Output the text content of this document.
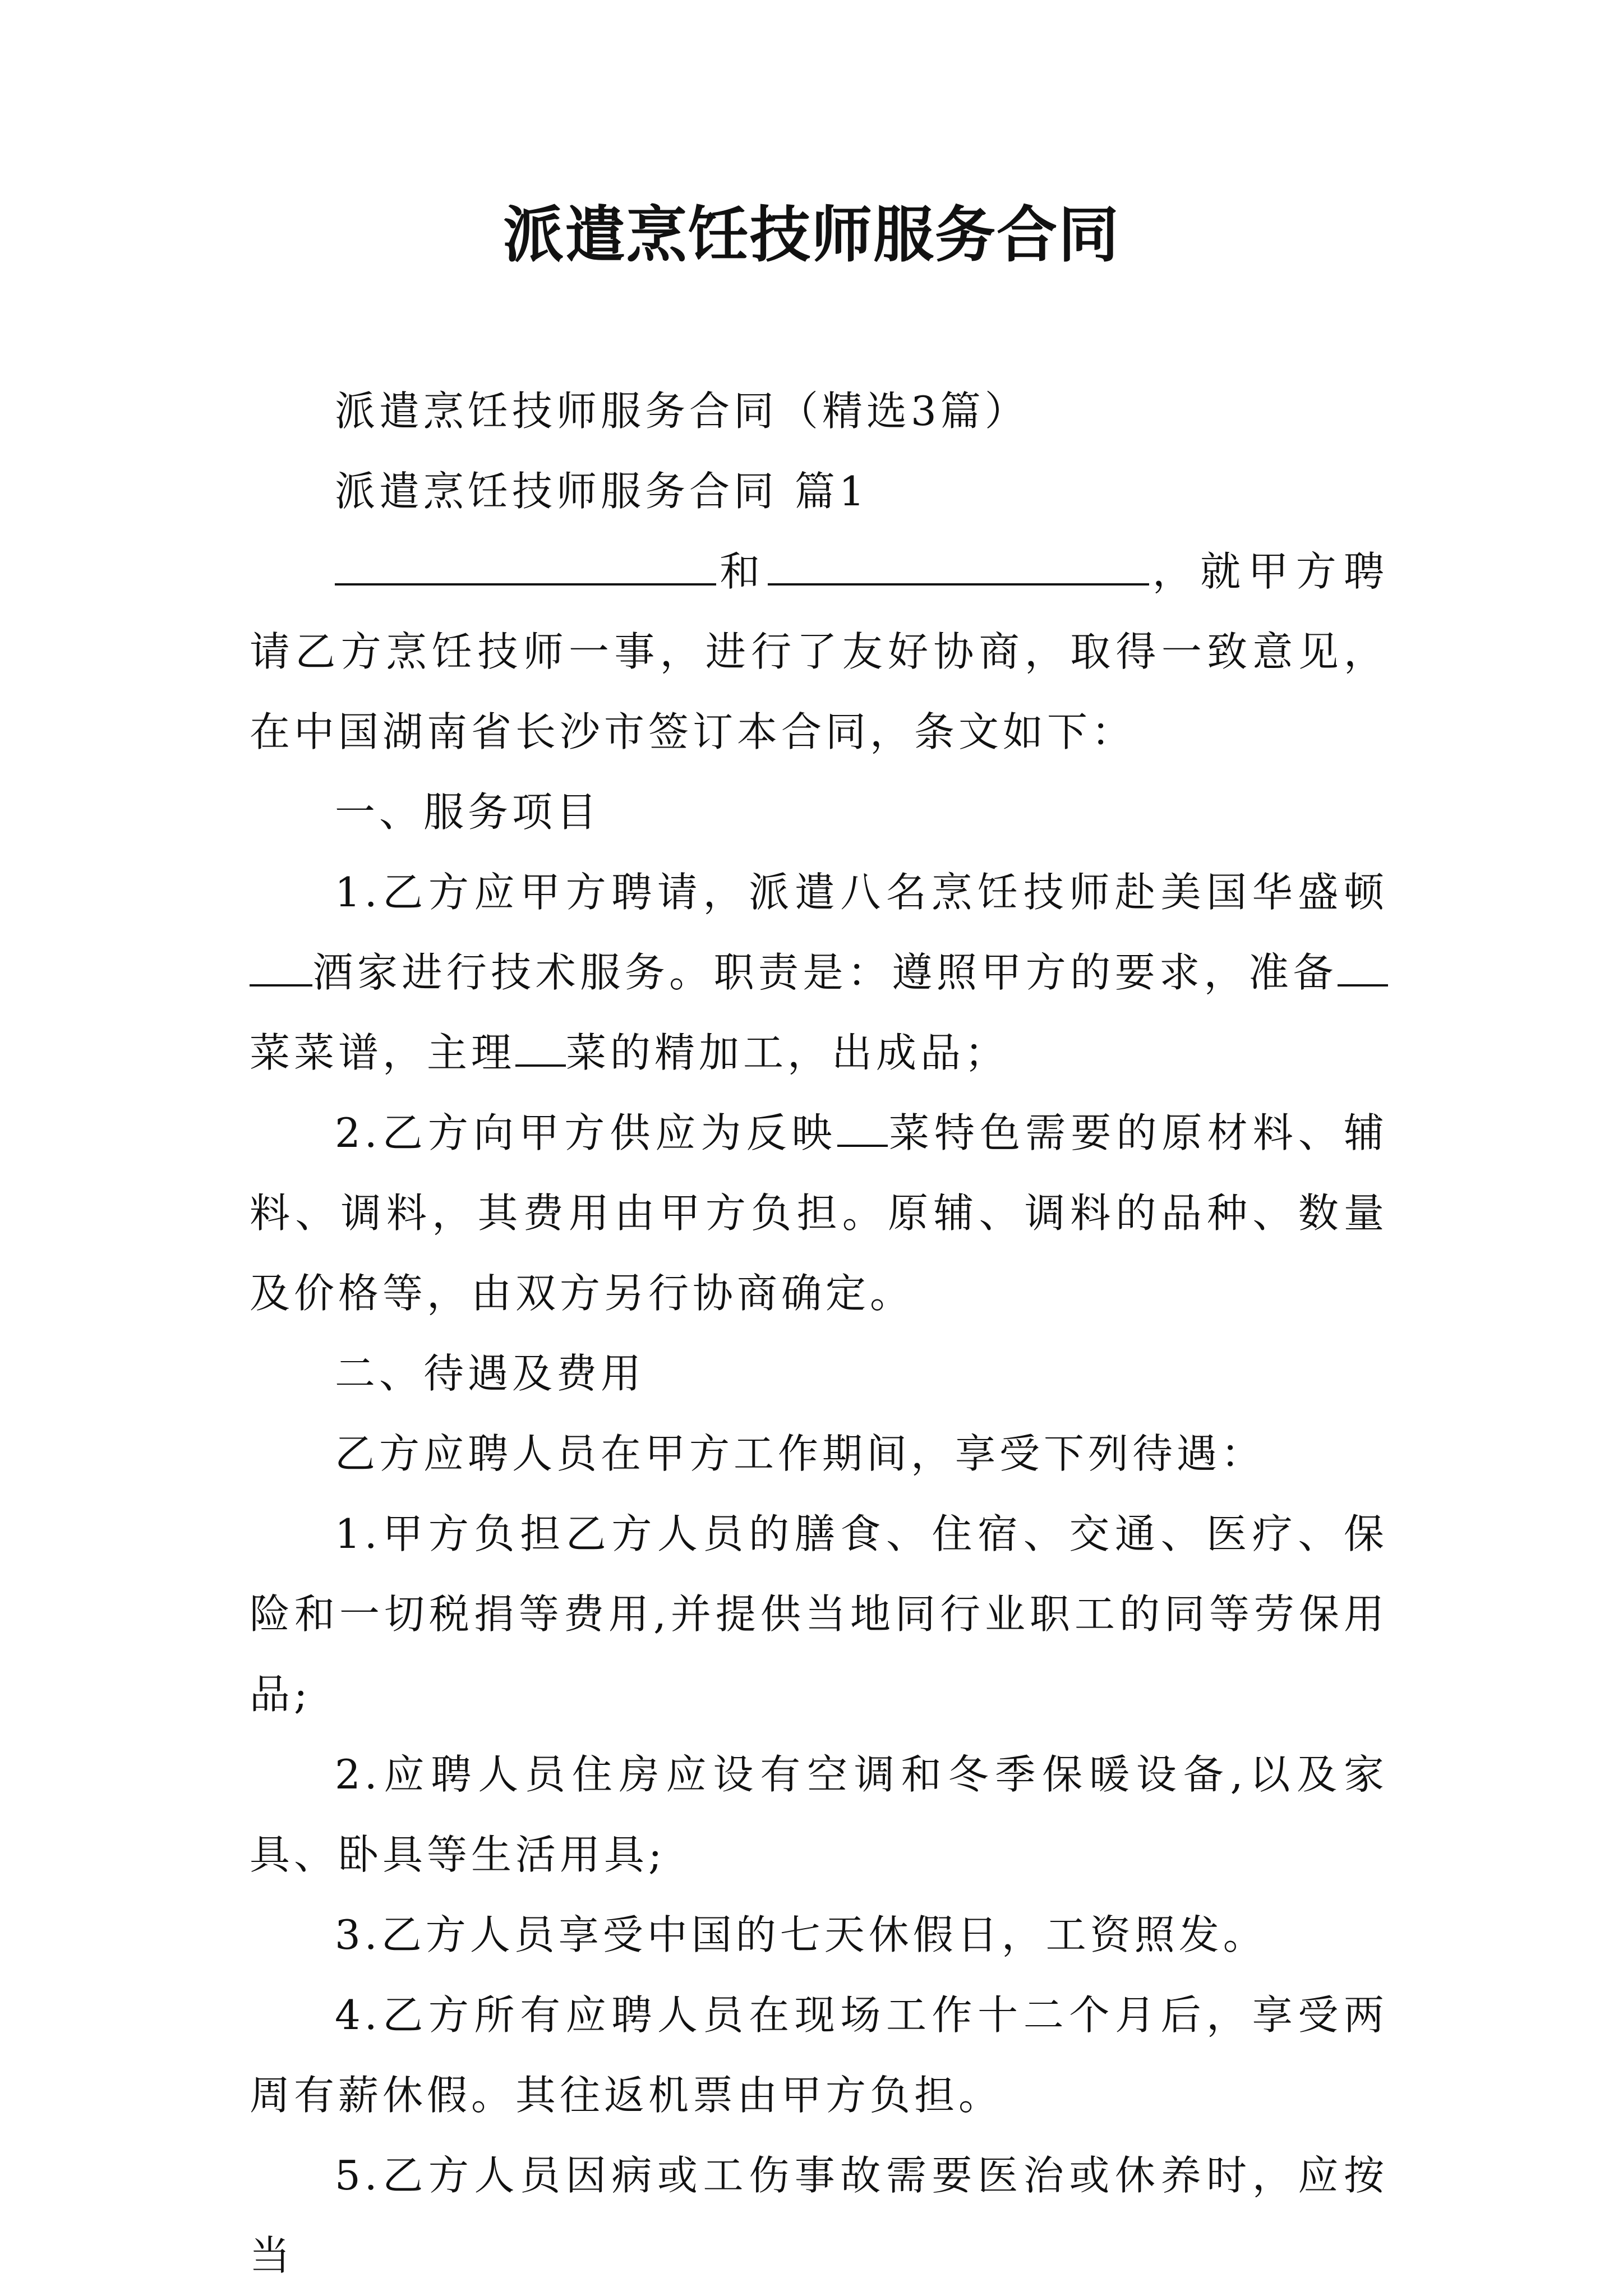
派遣烹饪技师服务合同

派遣烹饪技师服务合同（精选3篇）

派遣烹饪技师服务合同 篇1

和	，就甲方聘请乙方烹饪技师一事，进行了友好协商，取得一致意见，在中国湖南省长沙市签订本合同，条文如下：

一、服务项目

1.乙方应甲方聘请，派遣八名烹饪技师赴美国华盛顿酒家进行技术服务。职责是：遵照甲方的要求，准备菜菜谱，主理 菜的精加工，出成品；

2.乙方向甲方供应为反映 菜特色需要的原材料、辅料、调料，其费用由甲方负担。原辅、调料的品种、数量及价格等，由双方另行协商确定。

二、待遇及费用

乙方应聘人员在甲方工作期间，享受下列待遇：

1.甲方负担乙方人员的膳食、住宿、交通、医疗、保险和一切税捐等费用,并提供当地同行业职工的同等劳保用品;

2.应聘人员住房应设有空调和冬季保暖设备,以及家具、卧具等生活用具;

3.乙方人员享受中国的七天休假日，工资照发。

4.乙方所有应聘人员在现场工作十二个月后，享受两周有薪休假。其往返机票由甲方负担。

5.乙方人员因病或工伤事故需要医治或休养时，应按当
